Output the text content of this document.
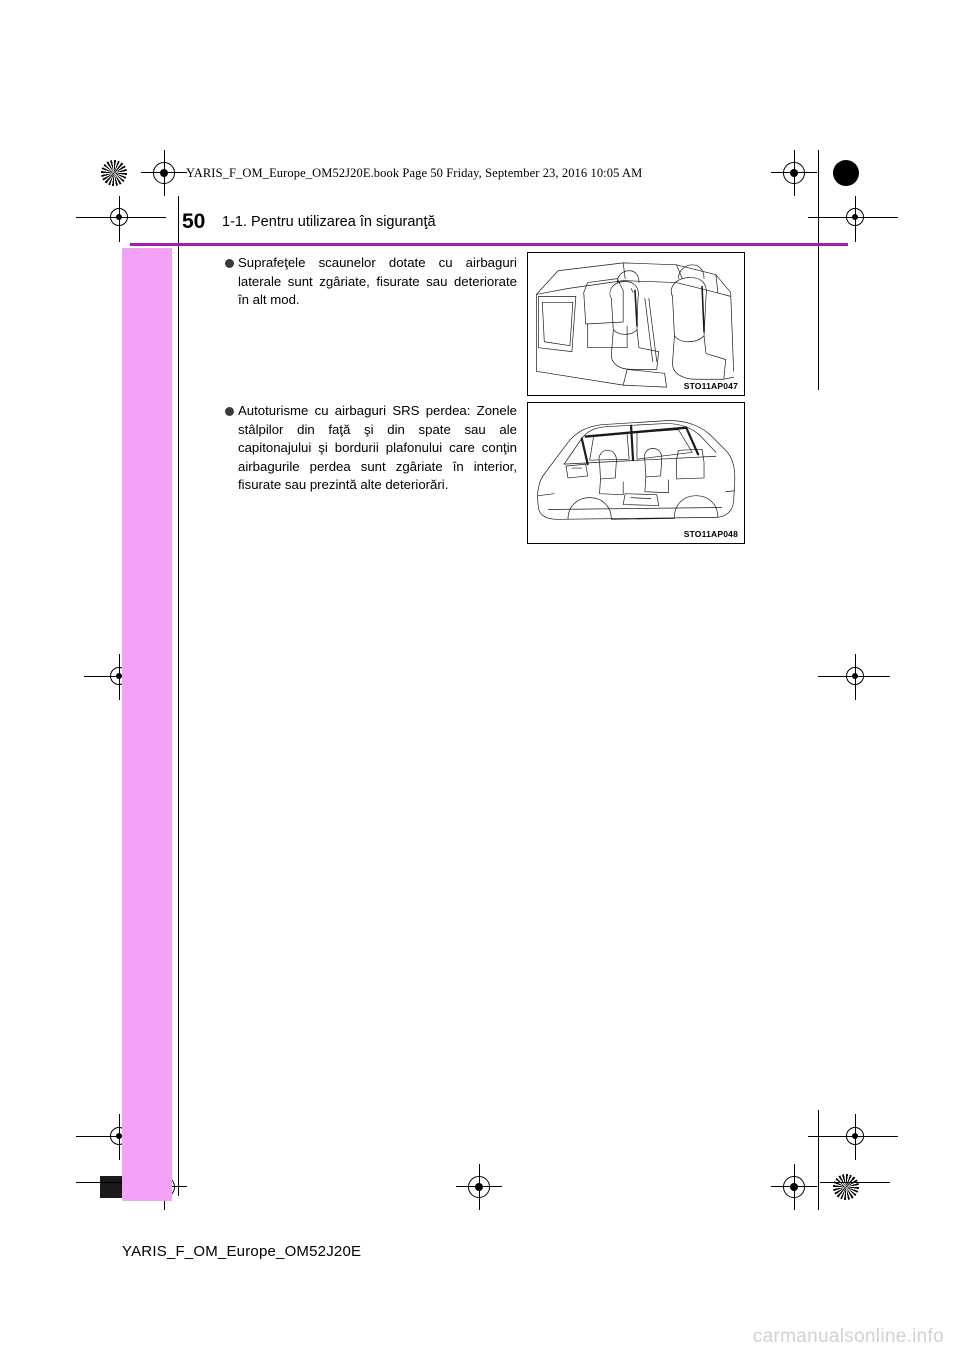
YARIS_F_OM_Europe_OM52J20E.book Page 50 Friday, September 23, 2016 10:05 AM
50 1-1. Pentru utilizarea în siguranţă
Suprafeţele scaunelor dotate cu airbaguri laterale sunt zgâriate, fisurate sau deteriorate în alt mod.
Autoturisme cu airbaguri SRS perdea: Zonele stâlpilor din faţă şi din spate sau ale capitonajului şi bordurii plafonului care conţin airbagurile perdea sunt zgâriate în interior, fisurate sau prezintă alte deteriorări.
STO11AP047
STO11AP048
YARIS_F_OM_Europe_OM52J20E
carmanualsonline.info
